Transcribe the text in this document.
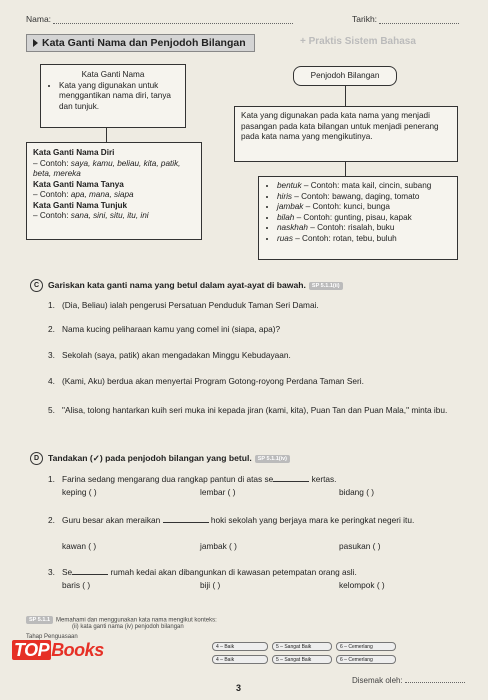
Nama:	Tarikh:
Kata Ganti Nama dan Penjodoh Bilangan	+ Praktis Sistem Bahasa
Kata Ganti Nama
• Kata yang digunakan untuk menggantikan nama diri, tanya dan tunjuk.
Kata Ganti Nama Diri
– Contoh: saya, kamu, beliau, kita, patik, beta, mereka
Kata Ganti Nama Tanya
– Contoh: apa, mana, siapa
Kata Ganti Nama Tunjuk
– Contoh: sana, sini, situ, itu, ini
Penjodoh Bilangan
Kata yang digunakan pada kata nama yang menjadi pasangan pada kata bilangan untuk menjadi penerang pada kata nama yang mengikutinya.
• bentuk – Contoh: mata kail, cincin, subang
• hiris – Contoh: bawang, daging, tomato
• jambak – Contoh: kunci, bunga
• bilah – Contoh: gunting, pisau, kapak
• naskhah – Contoh: risalah, buku
• ruas – Contoh: rotan, tebu, buluh
C Gariskan kata ganti nama yang betul dalam ayat-ayat di bawah. SP 5.1.1(ii)
1. (Dia, Beliau) ialah pengerusi Persatuan Penduduk Taman Seri Damai.
2. Nama kucing peliharaan kamu yang comel ini (siapa, apa)?
3. Sekolah (saya, patik) akan mengadakan Minggu Kebudayaan.
4. (Kami, Aku) berdua akan menyertai Program Gotong-royong Perdana Taman Seri.
5. "Alisa, tolong hantarkan kuih seri muka ini kepada jiran (kami, kita), Puan Tan dan Puan Mala," minta ibu.
D Tandakan (✓) pada penjodoh bilangan yang betul. SP 5.1.1(iv)
1. Farina sedang mengarang dua rangkap pantun di atas se	kertas.
keping ( )	lembar ( )	bidang ( )
2. Guru besar akan meraikan	hoki sekolah yang berjaya mara ke peringkat negeri itu.
kawan ( )	jambak ( )	pasukan ( )
3. Se	rumah kedai akan dibangunkan di kawasan petempatan orang asli.
baris ( )	biji ( )	kelompok ( )
SP 5.1.1 Memahami dan menggunakan kata nama mengikut konteks:
(ii) kata ganti nama (iv) penjodoh bilangan
Tahap Penguasaan
4 – Baik	5 – Sangat Baik	6 – Cemerlang
4 – Baik	5 – Sangat Baik	6 – Cemerlang
TOP Books
Disemak oleh:
3
